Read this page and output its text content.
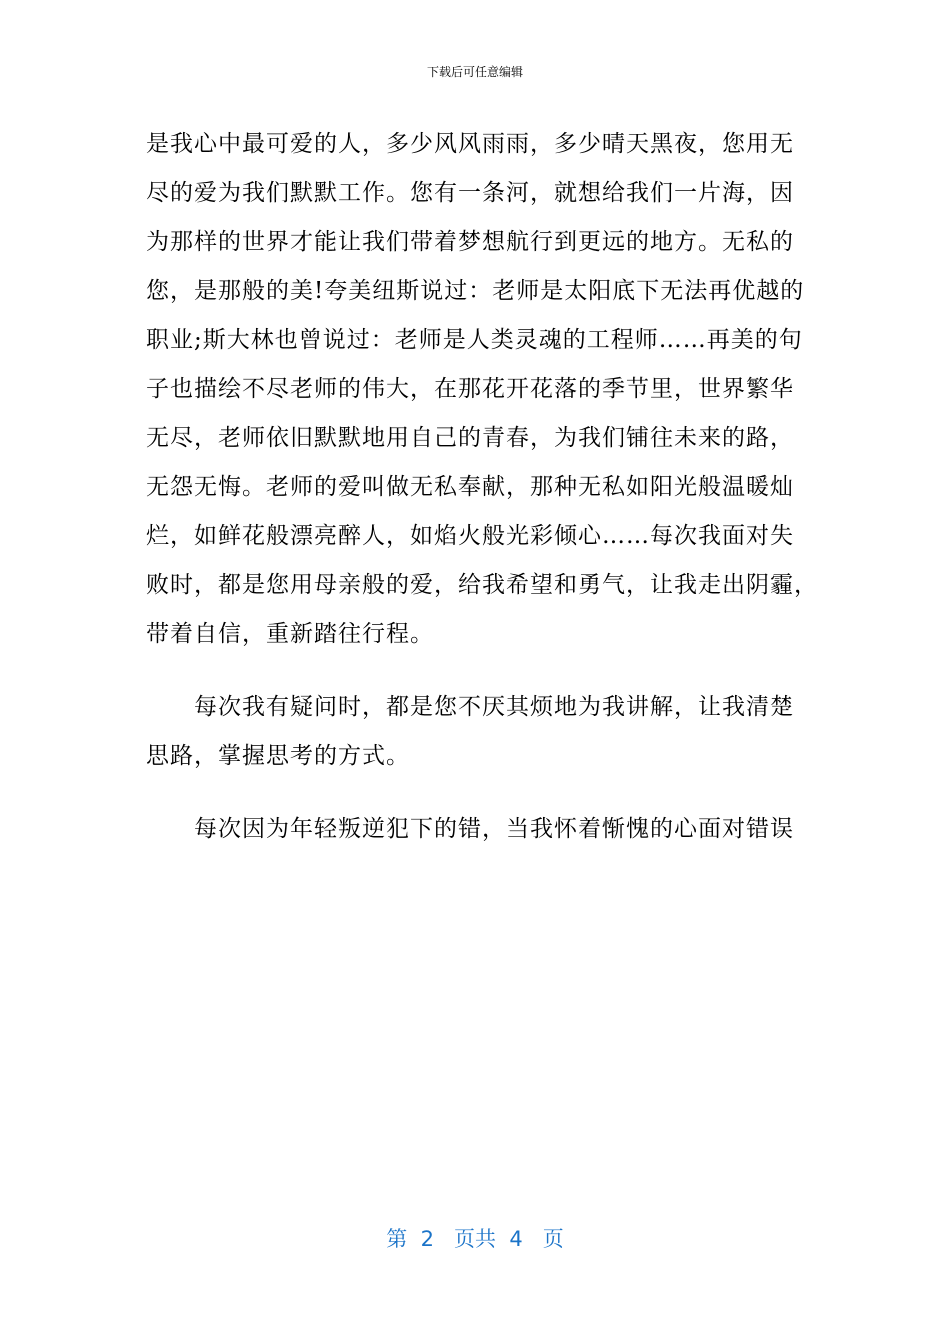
下载后可任意编辑
是我心中最可爱的人，多少风风雨雨，多少晴天黑夜，您用无
尽的爱为我们默默工作。您有一条河，就想给我们一片海，因
为那样的世界才能让我们带着梦想航行到更远的地方。无私的
您，是那般的美!夸美纽斯说过：老师是太阳底下无法再优越的
职业;斯大林也曾说过：老师是人类灵魂的工程师……再美的句
子也描绘不尽老师的伟大，在那花开花落的季节里，世界繁华
无尽，老师依旧默默地用自己的青春，为我们铺往未来的路，
无怨无悔。老师的爱叫做无私奉献，那种无私如阳光般温暖灿
烂，如鲜花般漂亮醉人，如焰火般光彩倾心……每次我面对失
败时，都是您用母亲般的爱，给我希望和勇气，让我走出阴霾，
带着自信，重新踏往行程。
每次我有疑问时，都是您不厌其烦地为我讲解，让我清楚
思路，掌握思考的方式。
每次因为年轻叛逆犯下的错，当我怀着惭愧的心面对错误
第 2 页共 4 页
